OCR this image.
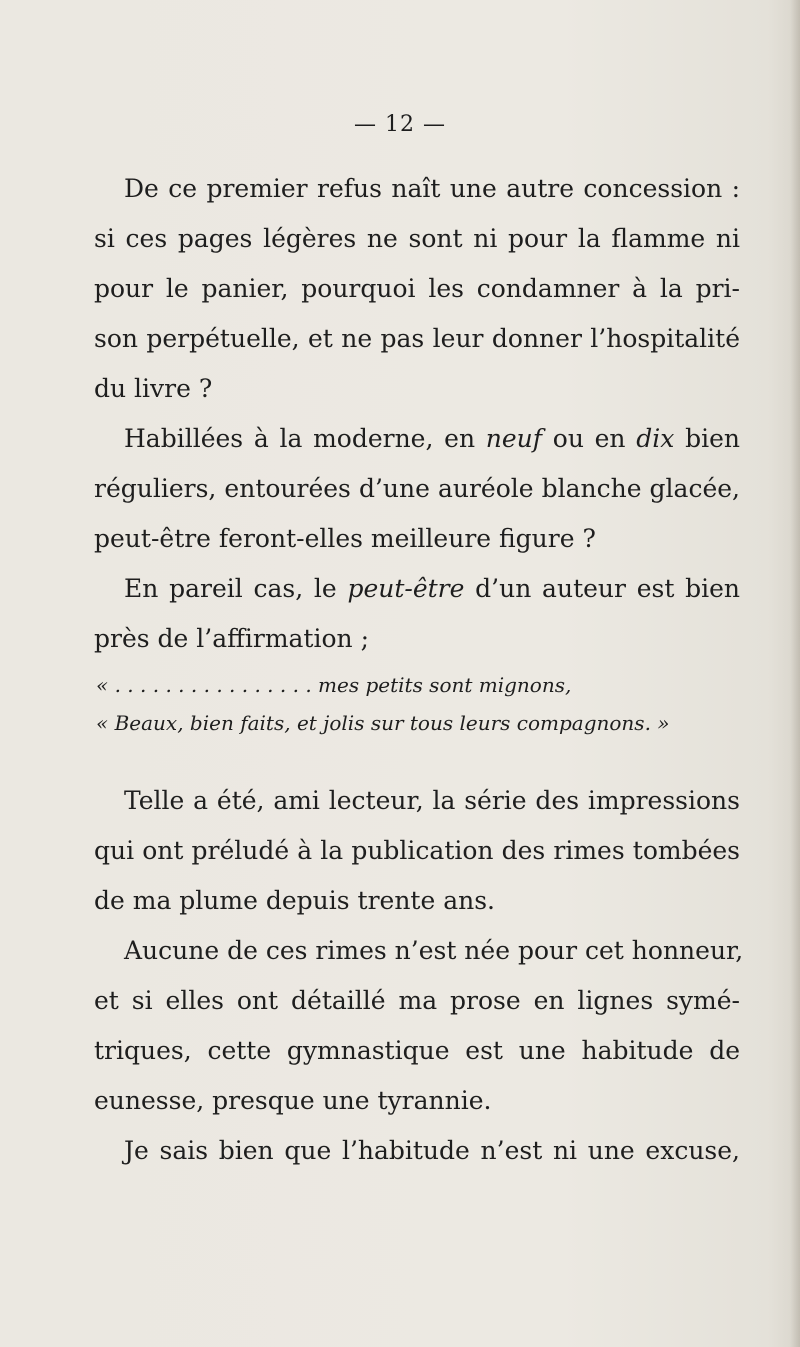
— 12 —
De ce premier refus naît une autre concession :
si ces pages légères ne sont ni pour la flamme ni
pour le panier, pourquoi les condamner à la pri-
son perpétuelle, et ne pas leur donner l’hospitalité
du livre ?
Habillées à la moderne, en neuf ou en dix bien
réguliers, entourées d’une auréole blanche glacée,
peut-être feront-elles meilleure figure ?
En pareil cas, le peut-être d’un auteur est bien
près de l’affirmation ;
« . . . . . . . . . . . . . . . . mes petits sont mignons,
« Beaux, bien faits, et jolis sur tous leurs compagnons. »
Telle a été, ami lecteur, la série des impressions
qui ont préludé à la publication des rimes tombées
de ma plume depuis trente ans.
Aucune de ces rimes n’est née pour cet honneur,
et si elles ont détaillé ma prose en lignes symé-
triques, cette gymnastique est une habitude de
eunesse, presque une tyrannie.
Je sais bien que l’habitude n’est ni une excuse,
